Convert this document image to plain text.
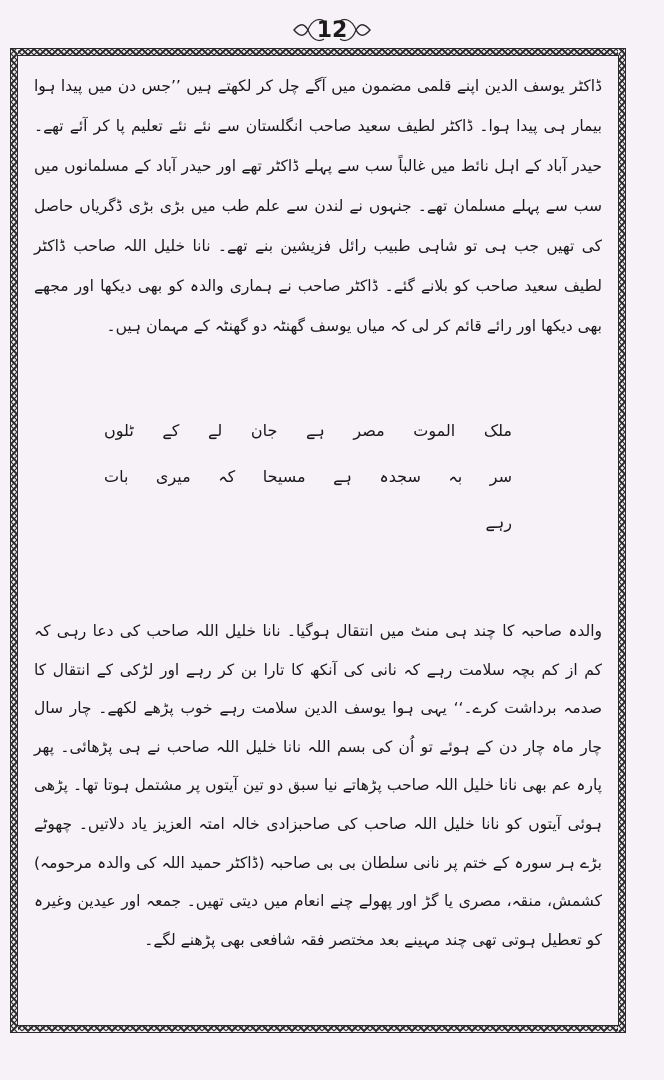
12

ڈاکٹر یوسف الدین اپنے قلمی مضمون میں آگے چل کر لکھتے ہیں ’’جس دن میں پیدا ہوا بیمار ہی پیدا ہوا۔ ڈاکٹر لطیف سعید صاحب انگلستان سے نئے نئے تعلیم پا کر آئے تھے۔ حیدر آباد کے اہل نائط میں غالباً سب سے پہلے ڈاکٹر تھے اور حیدر آباد کے مسلمانوں میں سب سے پہلے مسلمان تھے۔ جنہوں نے لندن سے علم طب میں بڑی بڑی ڈگریاں حاصل کی تھیں جب ہی تو شاہی طبیب رائل فزیشین بنے تھے۔ نانا خلیل اللہ صاحب ڈاکٹر لطیف سعید صاحب کو بلانے گئے۔ ڈاکٹر صاحب نے ہماری والدہ کو بھی دیکھا اور مجھے بھی دیکھا اور رائے قائم کر لی کہ میاں یوسف گھنٹہ دو گھنٹہ کے مہمان ہیں۔

ملک الموت مصر ہے جان لے کے ٹلوں

سر بہ سجدہ ہے مسیحا کہ میری بات رہے

والدہ صاحبہ کا چند ہی منٹ میں انتقال ہوگیا۔ نانا خلیل اللہ صاحب کی دعا رہی کہ کم از کم بچہ سلامت رہے کہ نانی کی آنکھ کا تارا بن کر رہے اور لڑکی کے انتقال کا صدمہ برداشت کرے۔‘‘ یہی ہوا یوسف الدین سلامت رہے خوب پڑھے لکھے۔ چار سال چار ماہ چار دن کے ہوئے تو اُن کی بسم اللہ نانا خلیل اللہ صاحب نے ہی پڑھائی۔ پھر پارہ عم بھی نانا خلیل اللہ صاحب پڑھاتے نیا سبق دو تین آیتوں پر مشتمل ہوتا تھا۔ پڑھی ہوئی آیتوں کو نانا خلیل اللہ صاحب کی صاحبزادی خالہ امتہ العزیز یاد دلاتیں۔ چھوٹے بڑے ہر سورہ کے ختم پر نانی سلطان بی بی صاحبہ (ڈاکٹر حمید اللہ کی والدہ مرحومہ) کشمش، منقہ، مصری یا گڑ اور پھولے چنے انعام میں دیتی تھیں۔ جمعہ اور عیدین وغیرہ کو تعطیل ہوتی تھی چند مہینے بعد مختصر فقہ شافعی بھی پڑھنے لگے۔
